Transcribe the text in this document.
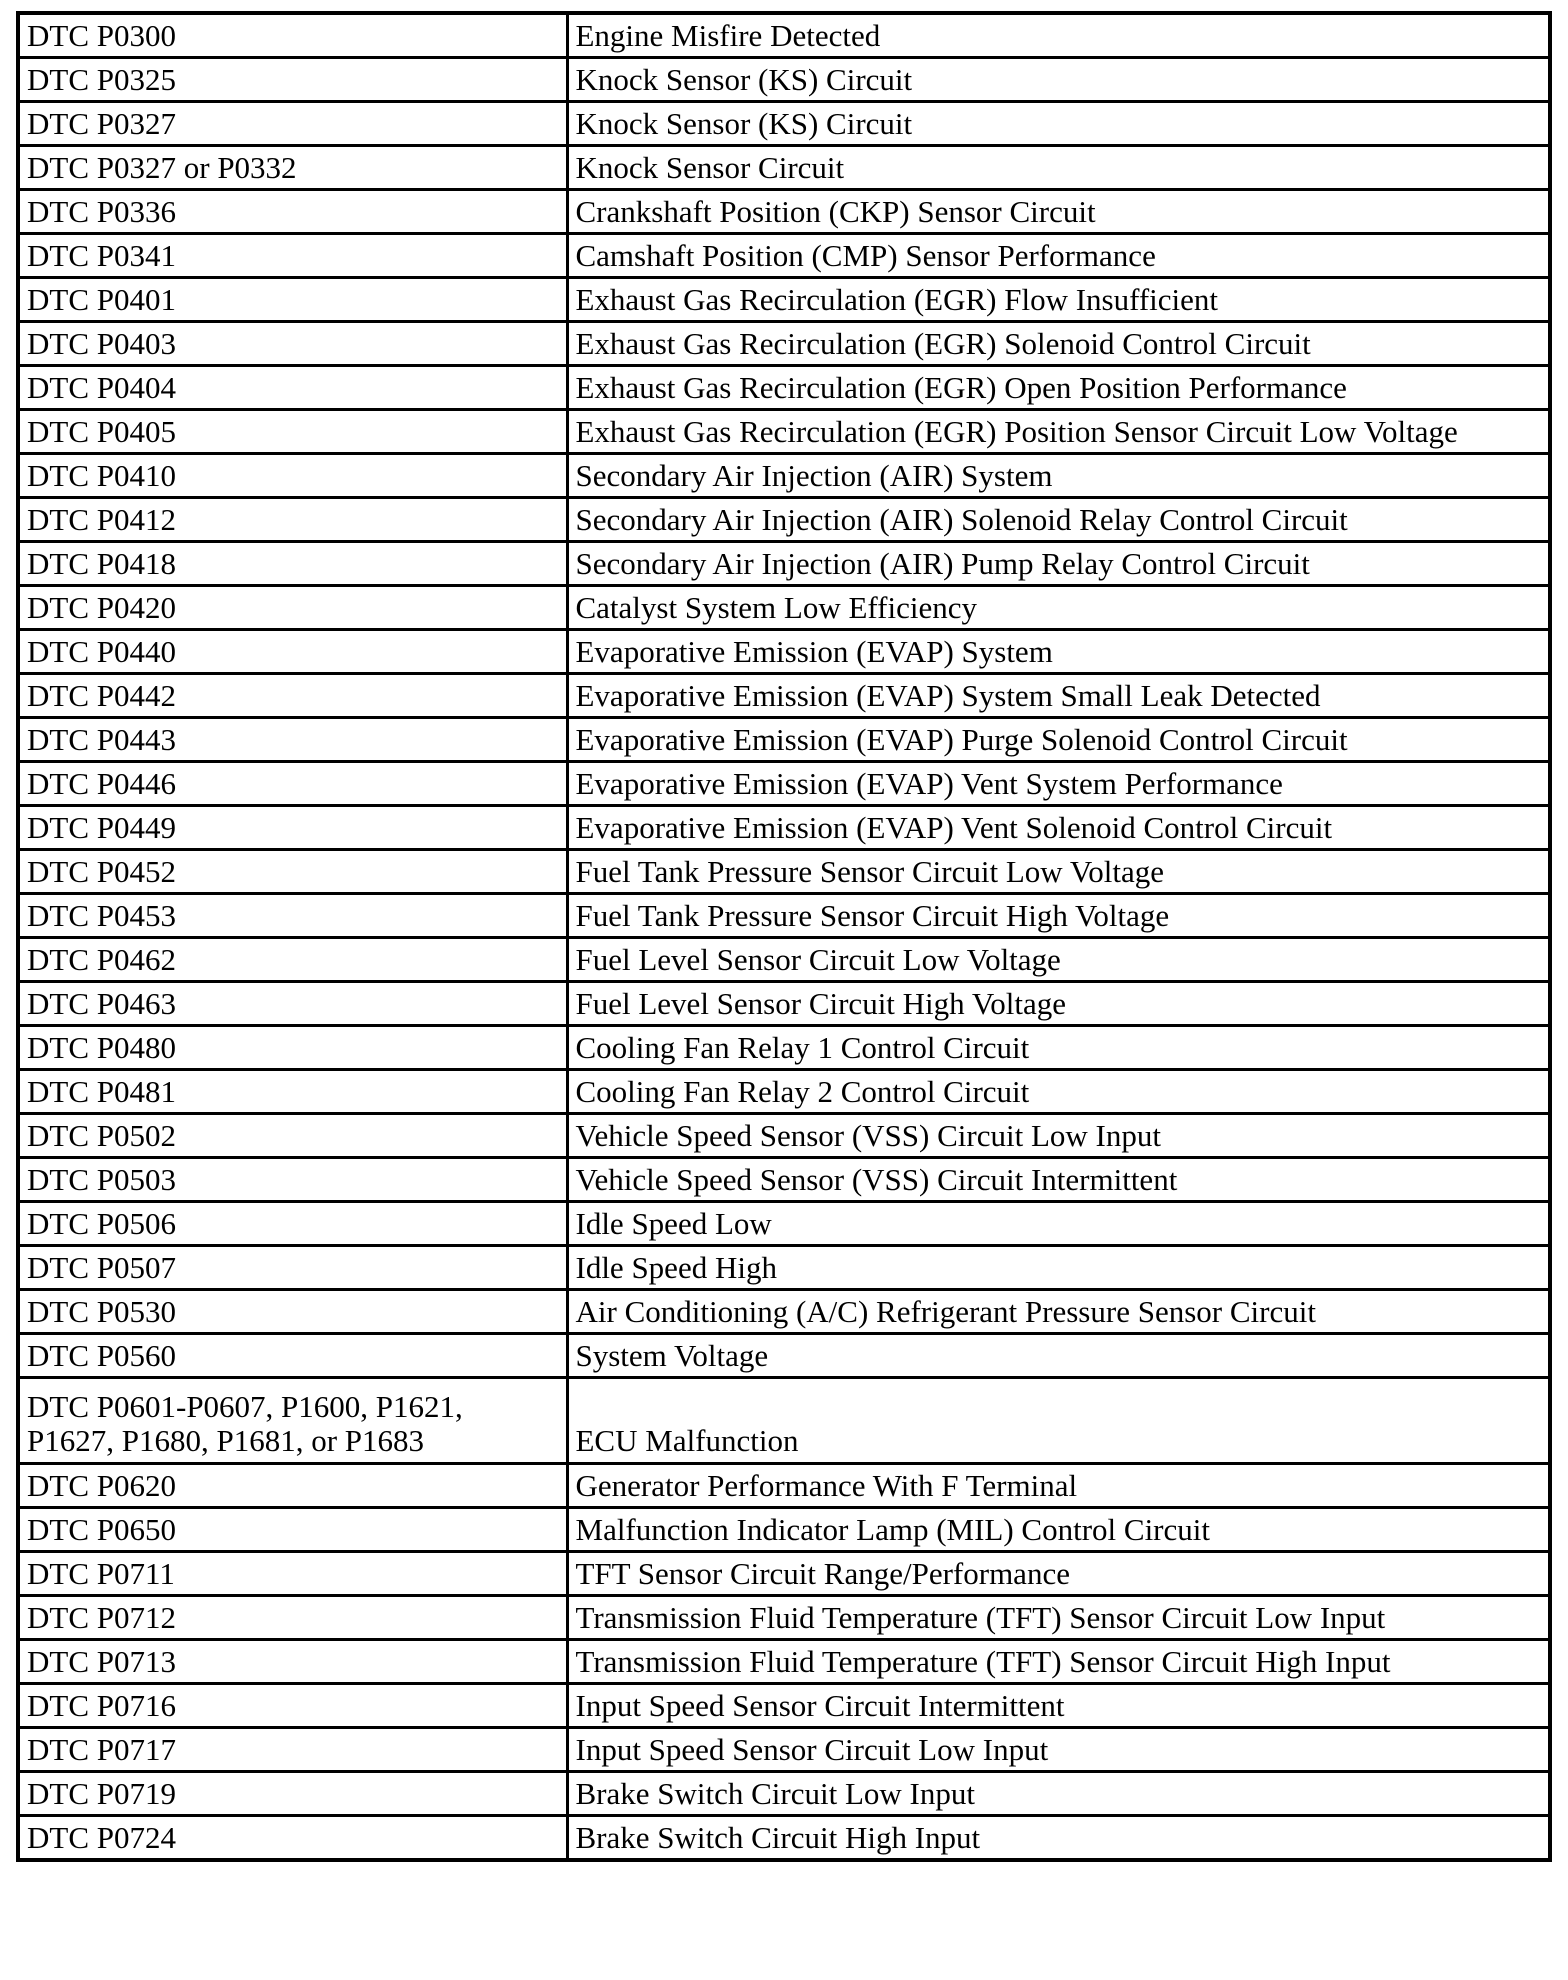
DTC P0300	Engine Misfire Detected
DTC P0325	Knock Sensor (KS) Circuit
DTC P0327	Knock Sensor (KS) Circuit
DTC P0327 or P0332	Knock Sensor Circuit
DTC P0336	Crankshaft Position (CKP) Sensor Circuit
DTC P0341	Camshaft Position (CMP) Sensor Performance
DTC P0401	Exhaust Gas Recirculation (EGR) Flow Insufficient
DTC P0403	Exhaust Gas Recirculation (EGR) Solenoid Control Circuit
DTC P0404	Exhaust Gas Recirculation (EGR) Open Position Performance
DTC P0405	Exhaust Gas Recirculation (EGR) Position Sensor Circuit Low Voltage
DTC P0410	Secondary Air Injection (AIR) System
DTC P0412	Secondary Air Injection (AIR) Solenoid Relay Control Circuit
DTC P0418	Secondary Air Injection (AIR) Pump Relay Control Circuit
DTC P0420	Catalyst System Low Efficiency
DTC P0440	Evaporative Emission (EVAP) System
DTC P0442	Evaporative Emission (EVAP) System Small Leak Detected
DTC P0443	Evaporative Emission (EVAP) Purge Solenoid Control Circuit
DTC P0446	Evaporative Emission (EVAP) Vent System Performance
DTC P0449	Evaporative Emission (EVAP) Vent Solenoid Control Circuit
DTC P0452	Fuel Tank Pressure Sensor Circuit Low Voltage
DTC P0453	Fuel Tank Pressure Sensor Circuit High Voltage
DTC P0462	Fuel Level Sensor Circuit Low Voltage
DTC P0463	Fuel Level Sensor Circuit High Voltage
DTC P0480	Cooling Fan Relay 1 Control Circuit
DTC P0481	Cooling Fan Relay 2 Control Circuit
DTC P0502	Vehicle Speed Sensor (VSS) Circuit Low Input
DTC P0503	Vehicle Speed Sensor (VSS) Circuit Intermittent
DTC P0506	Idle Speed Low
DTC P0507	Idle Speed High
DTC P0530	Air Conditioning (A/C) Refrigerant Pressure Sensor Circuit
DTC P0560	System Voltage
DTC P0601-P0607, P1600, P1621, P1627, P1680, P1681, or P1683	ECU Malfunction
DTC P0620	Generator Performance With F Terminal
DTC P0650	Malfunction Indicator Lamp (MIL) Control Circuit
DTC P0711	TFT Sensor Circuit Range/Performance
DTC P0712	Transmission Fluid Temperature (TFT) Sensor Circuit Low Input
DTC P0713	Transmission Fluid Temperature (TFT) Sensor Circuit High Input
DTC P0716	Input Speed Sensor Circuit Intermittent
DTC P0717	Input Speed Sensor Circuit Low Input
DTC P0719	Brake Switch Circuit Low Input
DTC P0724	Brake Switch Circuit High Input
